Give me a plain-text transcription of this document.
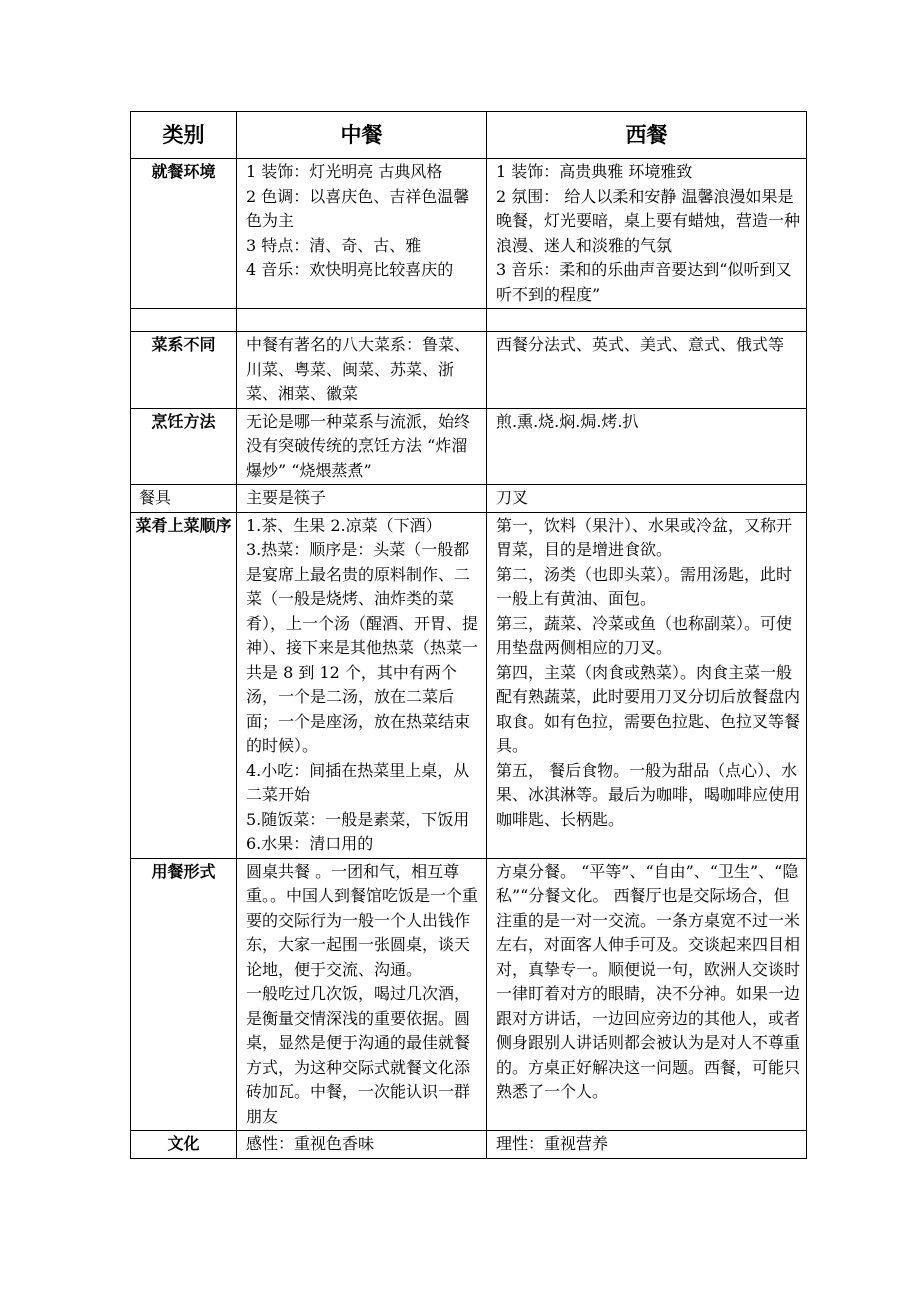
类别	中餐	西餐
就餐环境	1 装饰：灯光明亮 古典风格
2 色调：以喜庆色、吉祥色温馨色为主
3 特点：清、奇、古、雅
4 音乐：欢快明亮比较喜庆的	1 装饰：高贵典雅 环境雅致
2 氛围： 给人以柔和安静 温馨浪漫如果是晚餐，灯光要暗，桌上要有蜡烛，营造一种浪漫、迷人和淡雅的气氛
3 音乐：柔和的乐曲声音要达到“似听到又听不到的程度”

菜系不同	中餐有著名的八大菜系：鲁菜、川菜、粤菜、闽菜、苏菜、浙菜、湘菜、徽菜	西餐分法式、英式、美式、意式、俄式等

烹饪方法	无论是哪一种菜系与流派，始终没有突破传统的烹饪方法 “炸溜爆炒” “烧煨蒸煮”	煎.熏.烧.焖.焗.烤.扒

餐具	主要是筷子	刀叉

菜肴上菜顺序	1.茶、生果 2.凉菜（下酒）
3.热菜：顺序是：头菜（一般都是宴席上最名贵的原料制作、二菜（一般是烧烤、油炸类的菜肴），上一个汤（醒酒、开胃、提神）、接下来是其他热菜（热菜一共是 8 到 12 个，其中有两个汤，一个是二汤，放在二菜后面；一个是座汤，放在热菜结束的时候）。
4.小吃：间插在热菜里上桌，从二菜开始
5.随饭菜：一般是素菜，下饭用
6.水果：清口用的	第一，饮料（果汁）、水果或冷盆，又称开胃菜，目的是增进食欲。
第二，汤类（也即头菜）。需用汤匙，此时一般上有黄油、面包。
第三，蔬菜、冷菜或鱼（也称副菜）。可使用垫盘两侧相应的刀叉。
第四，主菜（肉食或熟菜）。肉食主菜一般配有熟蔬菜，此时要用刀叉分切后放餐盘内取食。如有色拉，需要色拉匙、色拉叉等餐具。
第五， 餐后食物。一般为甜品（点心）、水果、冰淇淋等。最后为咖啡，喝咖啡应使用咖啡匙、长柄匙。

用餐形式	圆桌共餐 。一团和气，相互尊重。。中国人到餐馆吃饭是一个重要的交际行为一般一个人出钱作东，大家一起围一张圆桌，谈天论地，便于交流、沟通。
一般吃过几次饭，喝过几次酒，是衡量交情深浅的重要依据。圆桌，显然是便于沟通的最佳就餐方式，为这种交际式就餐文化添砖加瓦。中餐，一次能认识一群朋友	方桌分餐。 “平等”、“自由”、“卫生”、“隐私”“分餐文化。 西餐厅也是交际场合，但注重的是一对一交流。一条方桌宽不过一米左右，对面客人伸手可及。交谈起来四目相对，真挚专一。顺便说一句，欧洲人交谈时一律盯着对方的眼睛，决不分神。如果一边跟对方讲话，一边回应旁边的其他人，或者侧身跟别人讲话则都会被认为是对人不尊重的。方桌正好解决这一问题。西餐，可能只熟悉了一个人。
文化	感性：重视色香味	理性：重视营养
